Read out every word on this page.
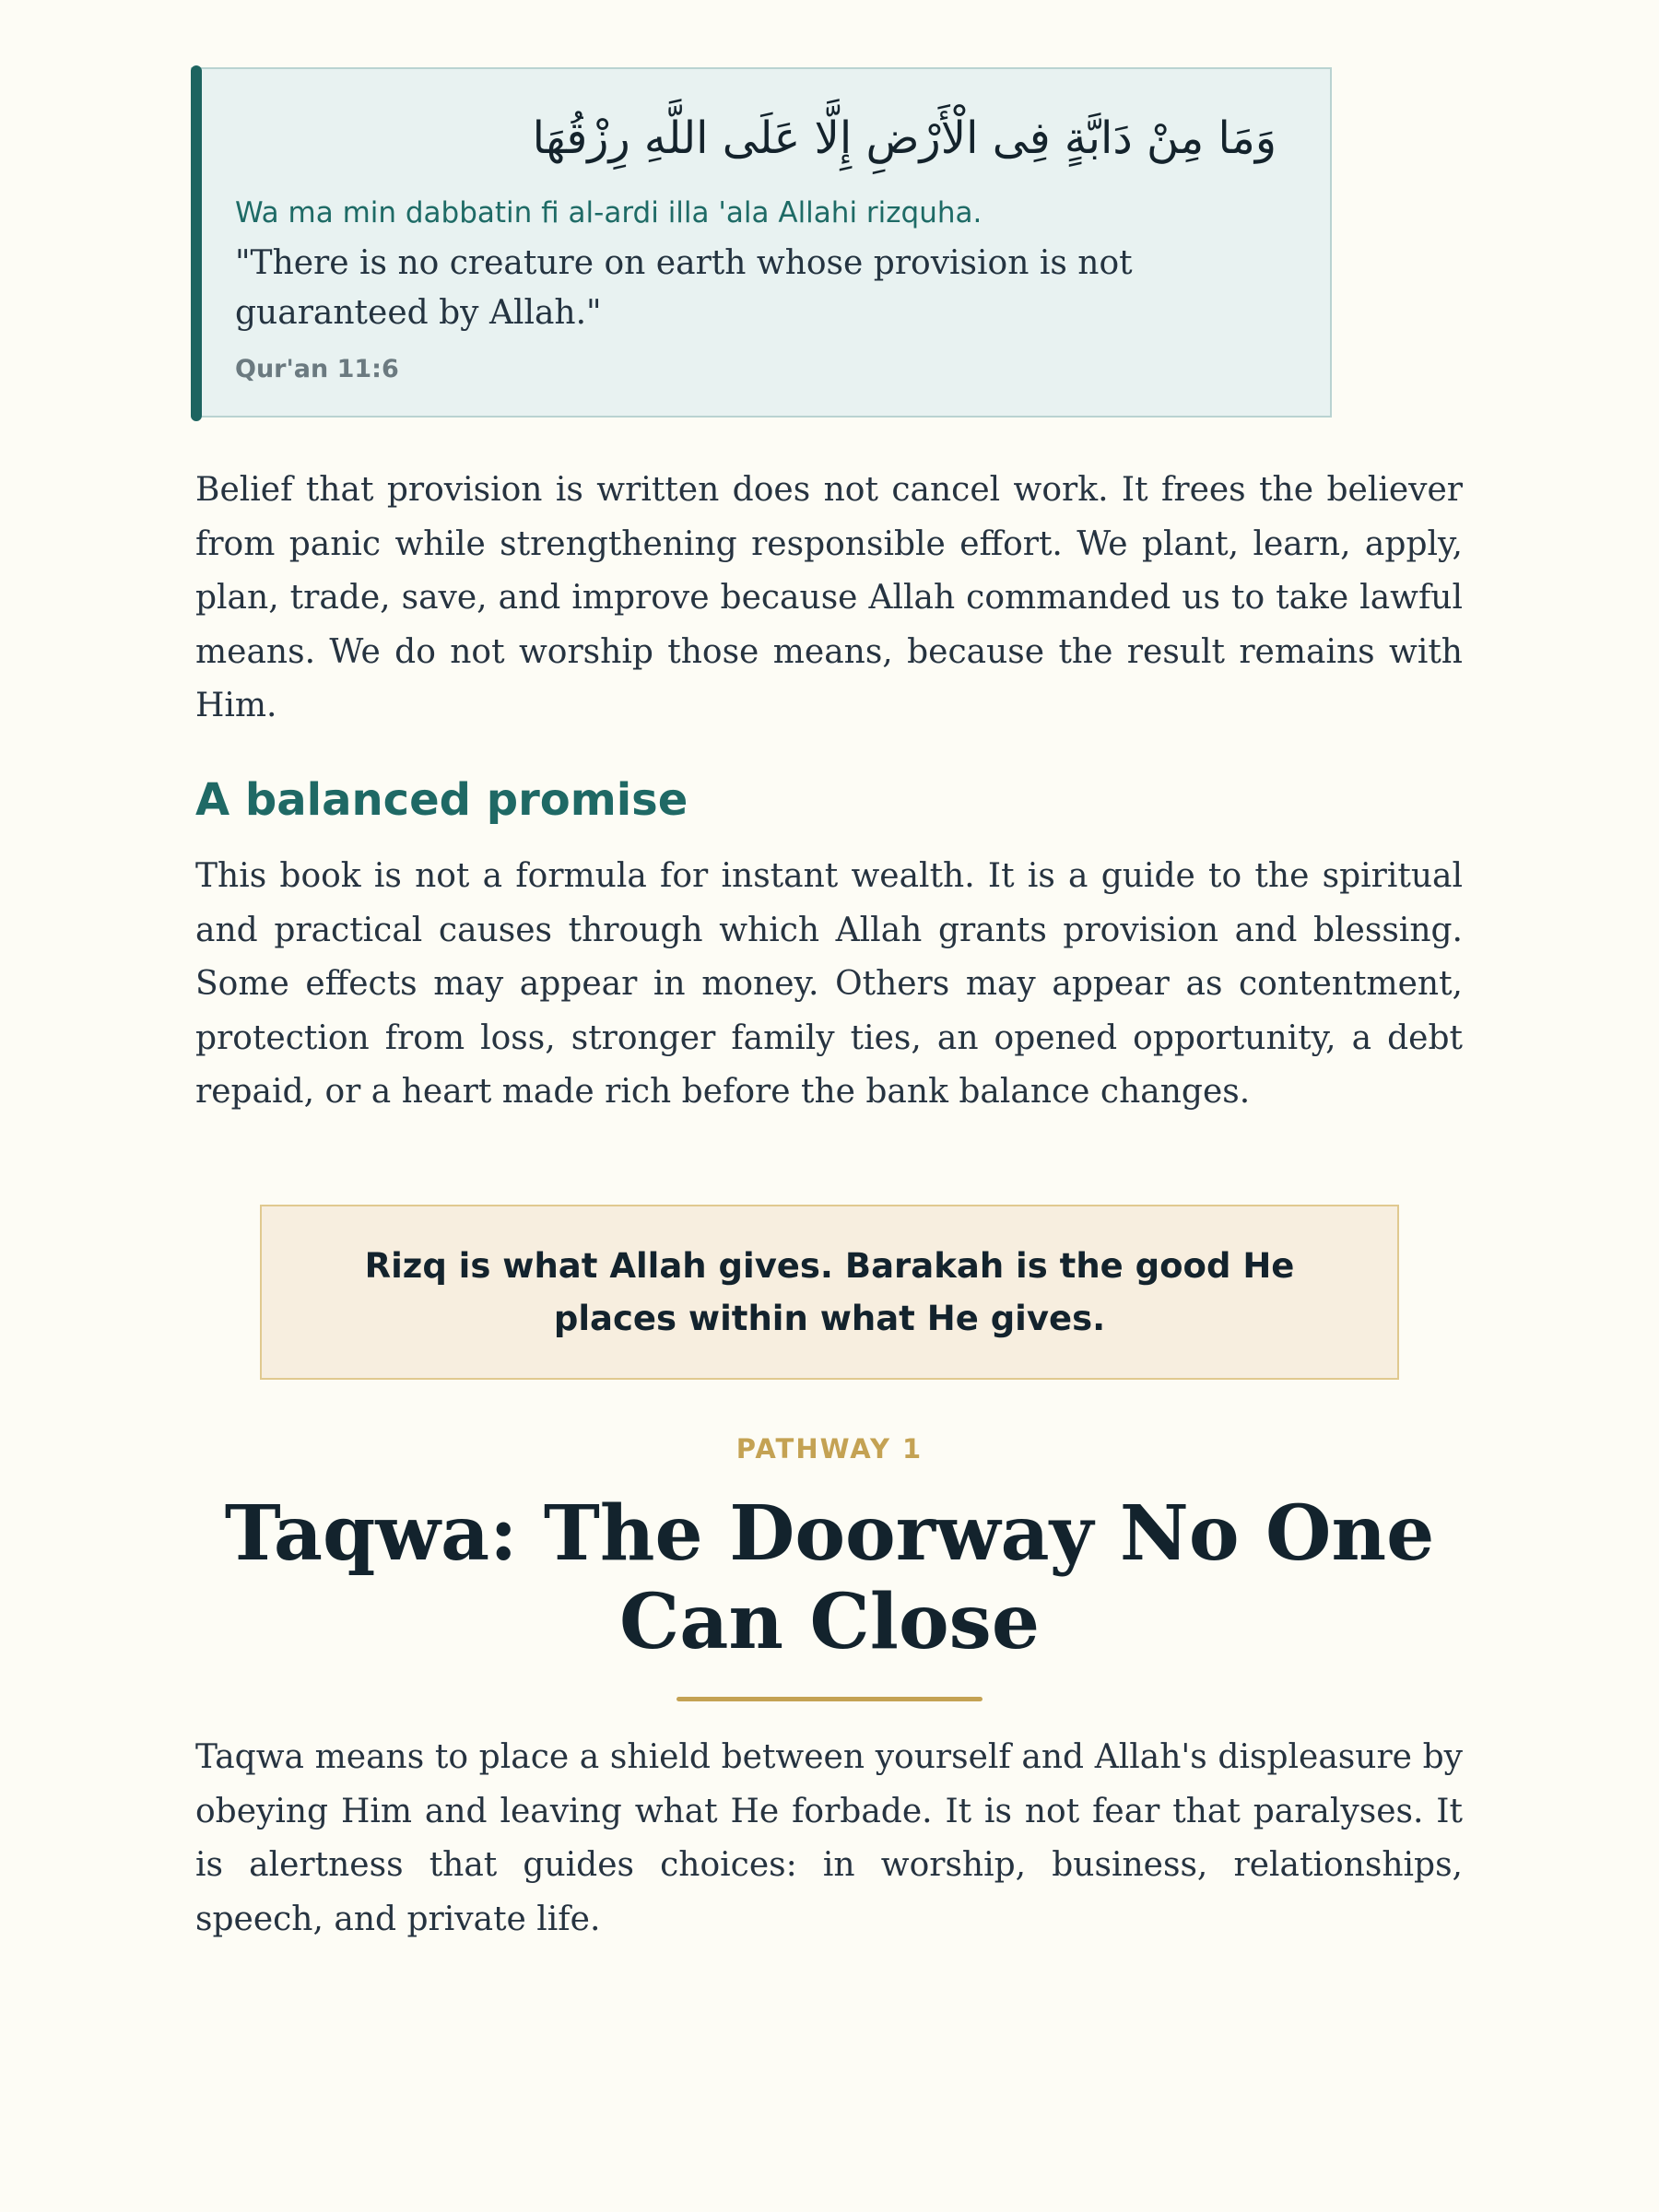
وَمَا مِنْ دَابَّةٍ فِى الْأَرْضِ إِلَّا عَلَى اللَّهِ رِزْقُهَا
Wa ma min dabbatin fi al-ardi illa 'ala Allahi rizquha.
"There is no creature on earth whose provision is not guaranteed by Allah."
Qur'an 11:6

Belief that provision is written does not cancel work. It frees the believer from panic while strengthening responsible effort. We plant, learn, apply, plan, trade, save, and improve because Allah commanded us to take lawful means. We do not worship those means, because the result remains with Him.

A balanced promise

This book is not a formula for instant wealth. It is a guide to the spiritual and practical causes through which Allah grants provision and blessing. Some effects may appear in money. Others may appear as contentment, protection from loss, stronger family ties, an opened opportunity, a debt repaid, or a heart made rich before the bank balance changes.

Rizq is what Allah gives. Barakah is the good He places within what He gives.
PATHWAY 1
Taqwa: The Doorway No One Can Close

Taqwa means to place a shield between yourself and Allah's displeasure by obeying Him and leaving what He forbade. It is not fear that paralyses. It is alertness that guides choices: in worship, business, relationships, speech, and private life.
